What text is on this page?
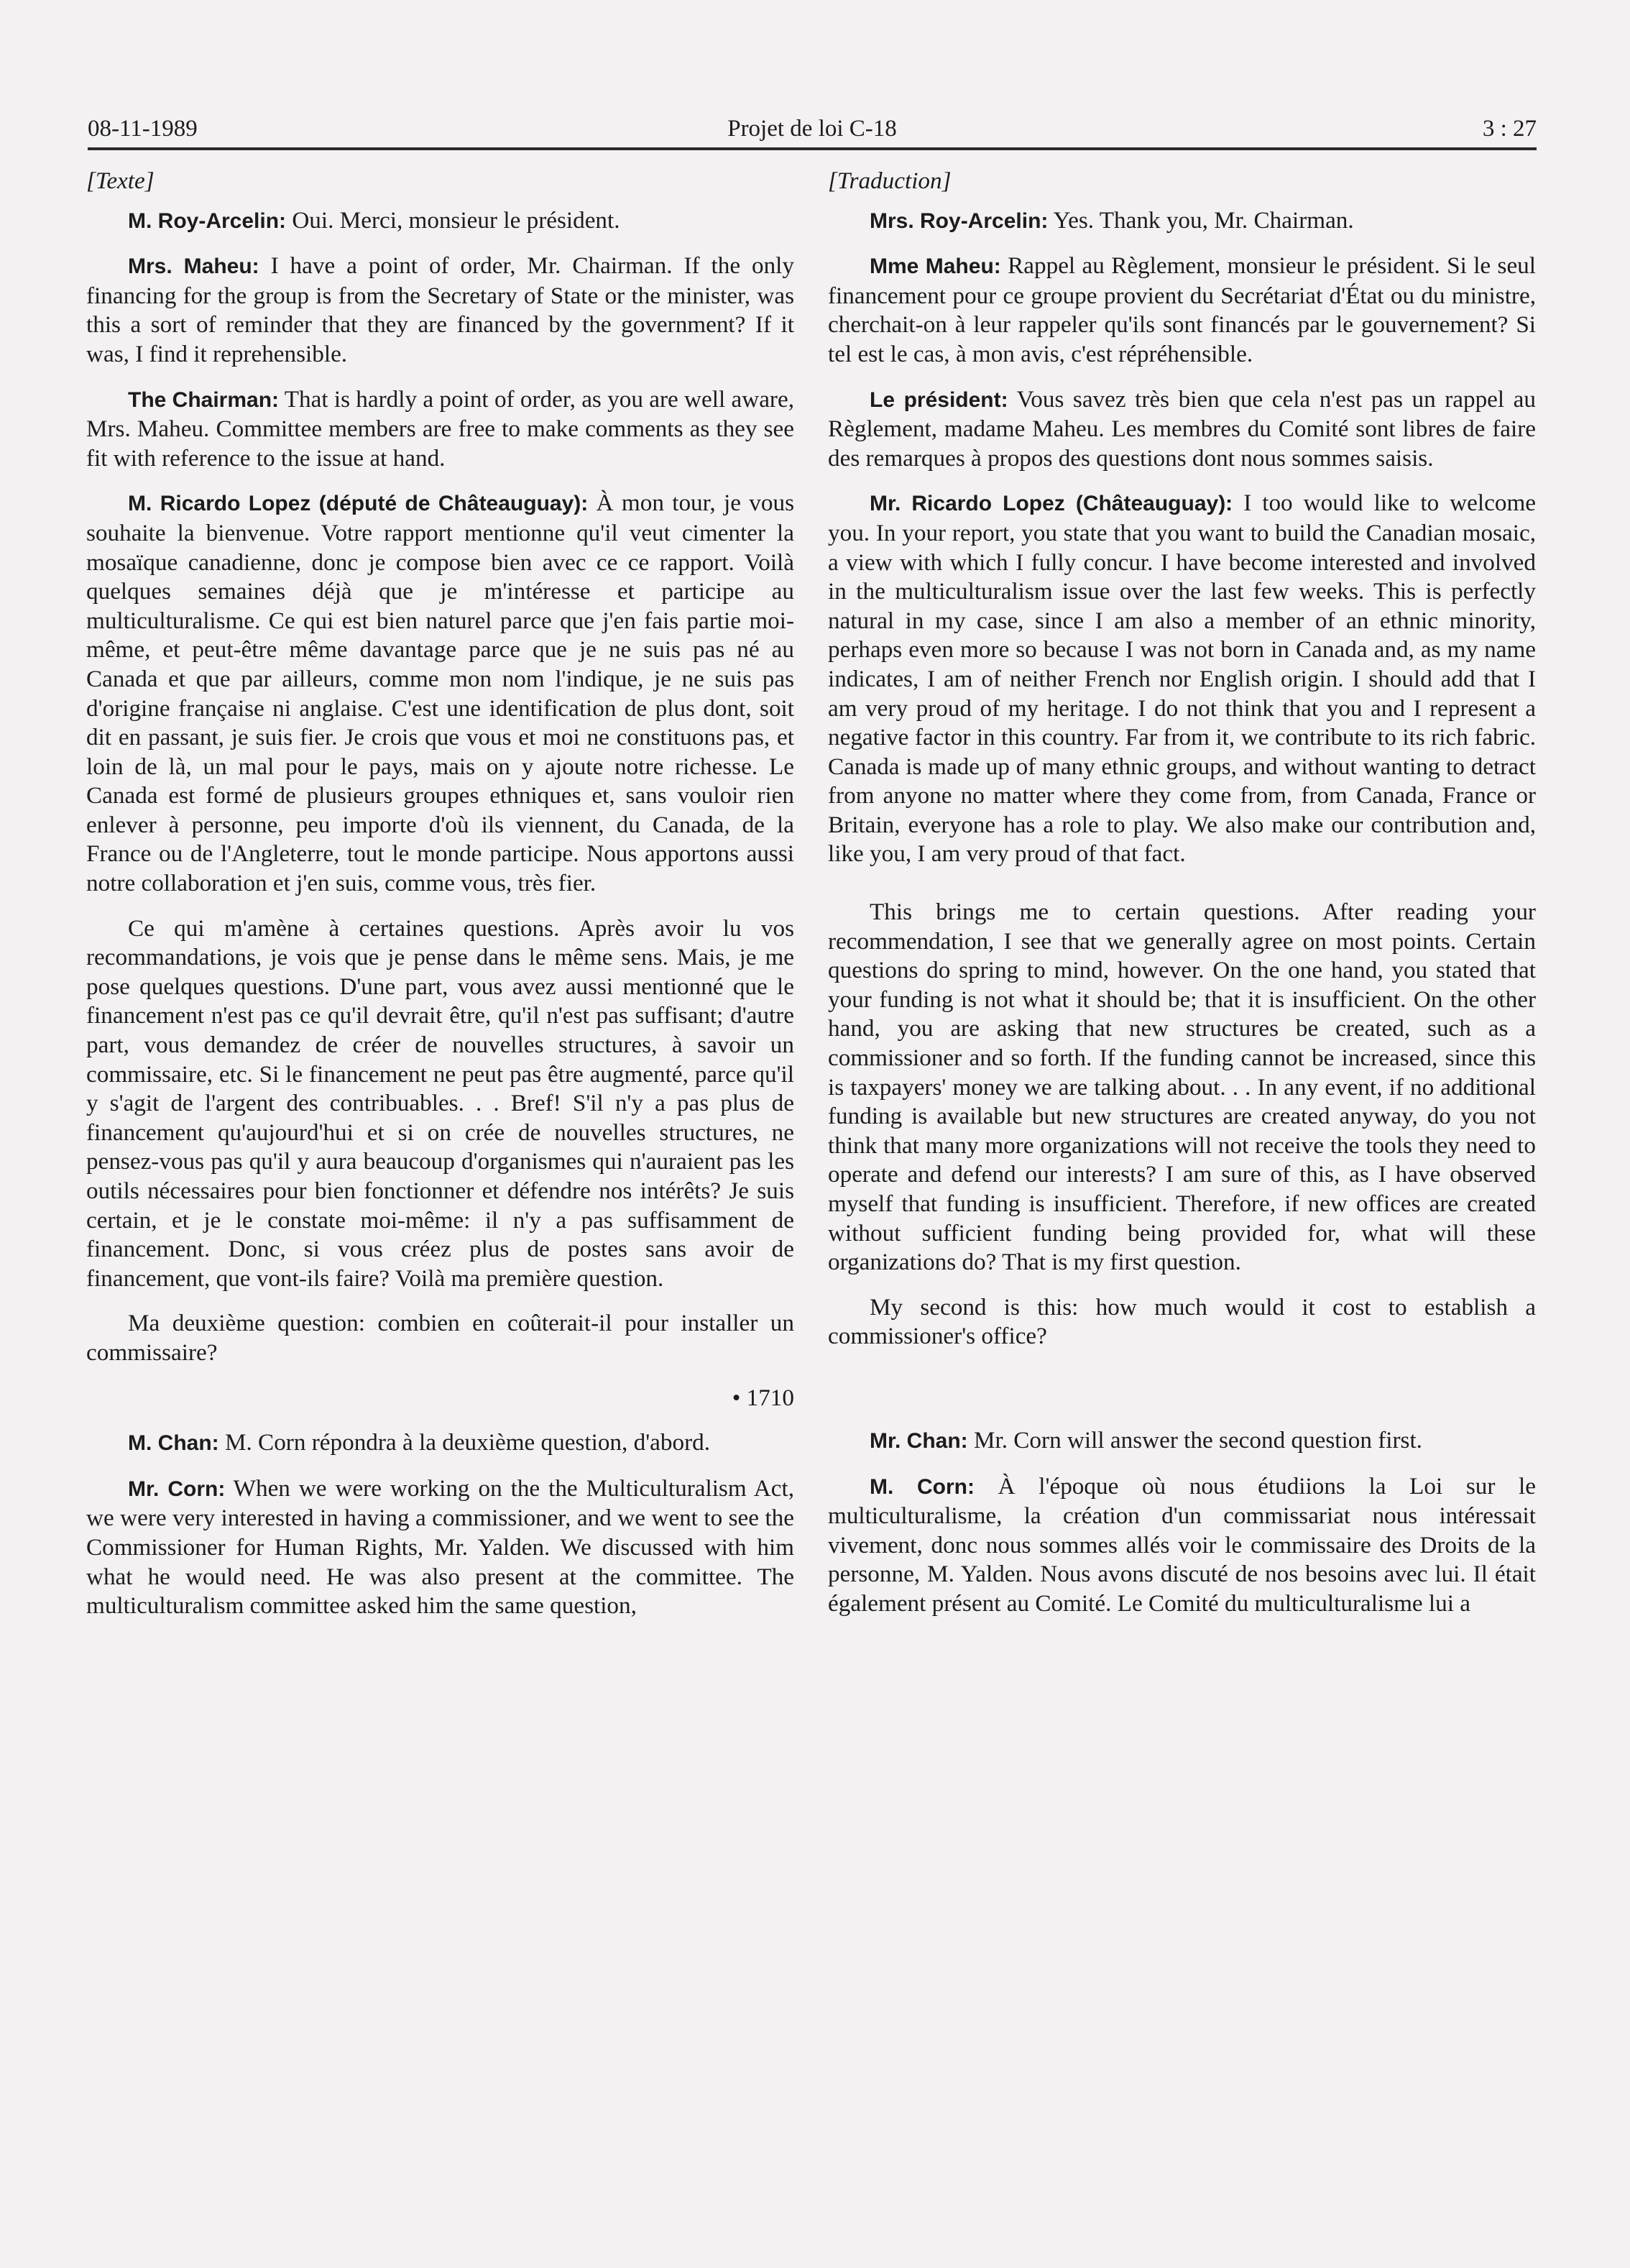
08-11-1989	Projet de loi C-18	3 : 27

[Texte]

M. Roy-Arcelin: Oui. Merci, monsieur le président.

Mrs. Maheu: I have a point of order, Mr. Chairman. If the only financing for the group is from the Secretary of State or the minister, was this a sort of reminder that they are financed by the government? If it was, I find it reprehensible.

The Chairman: That is hardly a point of order, as you are well aware, Mrs. Maheu. Committee members are free to make comments as they see fit with reference to the issue at hand.

M. Ricardo Lopez (député de Châteauguay): À mon tour, je vous souhaite la bienvenue. Votre rapport mentionne qu'il veut cimenter la mosaïque canadienne, donc je compose bien avec ce ce rapport. Voilà quelques semaines déjà que je m'intéresse et participe au multiculturalisme. Ce qui est bien naturel parce que j'en fais partie moi-même, et peut-être même davantage parce que je ne suis pas né au Canada et que par ailleurs, comme mon nom l'indique, je ne suis pas d'origine française ni anglaise. C'est une identification de plus dont, soit dit en passant, je suis fier. Je crois que vous et moi ne constituons pas, et loin de là, un mal pour le pays, mais on y ajoute notre richesse. Le Canada est formé de plusieurs groupes ethniques et, sans vouloir rien enlever à personne, peu importe d'où ils viennent, du Canada, de la France ou de l'Angleterre, tout le monde participe. Nous apportons aussi notre collaboration et j'en suis, comme vous, très fier.

Ce qui m'amène à certaines questions. Après avoir lu vos recommandations, je vois que je pense dans le même sens. Mais, je me pose quelques questions. D'une part, vous avez aussi mentionné que le financement n'est pas ce qu'il devrait être, qu'il n'est pas suffisant; d'autre part, vous demandez de créer de nouvelles structures, à savoir un commissaire, etc. Si le financement ne peut pas être augmenté, parce qu'il y s'agit de l'argent des contribuables. . . Bref! S'il n'y a pas plus de financement qu'aujourd'hui et si on crée de nouvelles structures, ne pensez-vous pas qu'il y aura beaucoup d'organismes qui n'auraient pas les outils nécessaires pour bien fonctionner et défendre nos intérêts? Je suis certain, et je le constate moi-même: il n'y a pas suffisamment de financement. Donc, si vous créez plus de postes sans avoir de financement, que vont-ils faire? Voilà ma première question.

Ma deuxième question: combien en coûterait-il pour installer un commissaire?

• 1710

M. Chan: M. Corn répondra à la deuxième question, d'abord.

Mr. Corn: When we were working on the the Multiculturalism Act, we were very interested in having a commissioner, and we went to see the Commissioner for Human Rights, Mr. Yalden. We discussed with him what he would need. He was also present at the committee. The multiculturalism committee asked him the same question,

[Traduction]

Mrs. Roy-Arcelin: Yes. Thank you, Mr. Chairman.

Mme Maheu: Rappel au Règlement, monsieur le président. Si le seul financement pour ce groupe provient du Secrétariat d'État ou du ministre, cherchait-on à leur rappeler qu'ils sont financés par le gouvernement? Si tel est le cas, à mon avis, c'est répréhensible.

Le président: Vous savez très bien que cela n'est pas un rappel au Règlement, madame Maheu. Les membres du Comité sont libres de faire des remarques à propos des questions dont nous sommes saisis.

Mr. Ricardo Lopez (Châteauguay): I too would like to welcome you. In your report, you state that you want to build the Canadian mosaic, a view with which I fully concur. I have become interested and involved in the multiculturalism issue over the last few weeks. This is perfectly natural in my case, since I am also a member of an ethnic minority, perhaps even more so because I was not born in Canada and, as my name indicates, I am of neither French nor English origin. I should add that I am very proud of my heritage. I do not think that you and I represent a negative factor in this country. Far from it, we contribute to its rich fabric. Canada is made up of many ethnic groups, and without wanting to detract from anyone no matter where they come from, from Canada, France or Britain, everyone has a role to play. We also make our contribution and, like you, I am very proud of that fact.

This brings me to certain questions. After reading your recommendation, I see that we generally agree on most points. Certain questions do spring to mind, however. On the one hand, you stated that your funding is not what it should be; that it is insufficient. On the other hand, you are asking that new structures be created, such as a commissioner and so forth. If the funding cannot be increased, since this is taxpayers' money we are talking about. . . In any event, if no additional funding is available but new structures are created anyway, do you not think that many more organizations will not receive the tools they need to operate and defend our interests? I am sure of this, as I have observed myself that funding is insufficient. Therefore, if new offices are created without sufficient funding being provided for, what will these organizations do? That is my first question.

My second is this: how much would it cost to establish a commissioner's office?

Mr. Chan: Mr. Corn will answer the second question first.

M. Corn: À l'époque où nous étudiions la Loi sur le multiculturalisme, la création d'un commissariat nous intéressait vivement, donc nous sommes allés voir le commissaire des Droits de la personne, M. Yalden. Nous avons discuté de nos besoins avec lui. Il était également présent au Comité. Le Comité du multiculturalisme lui a
